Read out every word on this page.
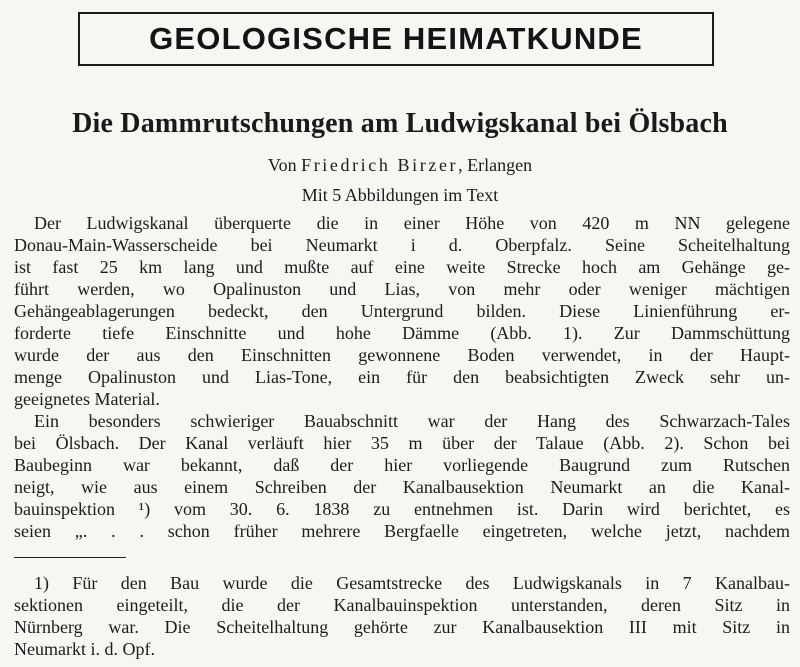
GEOLOGISCHE HEIMATKUNDE
Die Dammrutschungen am Ludwigskanal bei Ölsbach
Von Friedrich Birzer, Erlangen
Mit 5 Abbildungen im Text
Der Ludwigskanal überquerte die in einer Höhe von 420 m NN gelegene
Donau-Main-Wasserscheide bei Neumarkt i d. Oberpfalz. Seine Scheitelhaltung
ist fast 25 km lang und mußte auf eine weite Strecke hoch am Gehänge ge-
führt werden, wo Opalinuston und Lias, von mehr oder weniger mächtigen
Gehängeablagerungen bedeckt, den Untergrund bilden. Diese Linienführung er-
forderte tiefe Einschnitte und hohe Dämme (Abb. 1). Zur Dammschüttung
wurde der aus den Einschnitten gewonnene Boden verwendet, in der Haupt-
menge Opalinuston und Lias-Tone, ein für den beabsichtigten Zweck sehr un-
geeignetes Material.
Ein besonders schwieriger Bauabschnitt war der Hang des Schwarzach-Tales
bei Ölsbach. Der Kanal verläuft hier 35 m über der Talaue (Abb. 2). Schon bei
Baubeginn war bekannt, daß der hier vorliegende Baugrund zum Rutschen
neigt, wie aus einem Schreiben der Kanalbausektion Neumarkt an die Kanal-
bauinspektion ¹) vom 30. 6. 1838 zu entnehmen ist. Darin wird berichtet, es
seien „. . . schon früher mehrere Bergfaelle eingetreten, welche jetzt, nachdem
1) Für den Bau wurde die Gesamtstrecke des Ludwigskanals in 7 Kanalbau-
sektionen eingeteilt, die der Kanalbauinspektion unterstanden, deren Sitz in
Nürnberg war. Die Scheitelhaltung gehörte zur Kanalbausektion III mit Sitz in
Neumarkt i. d. Opf.
